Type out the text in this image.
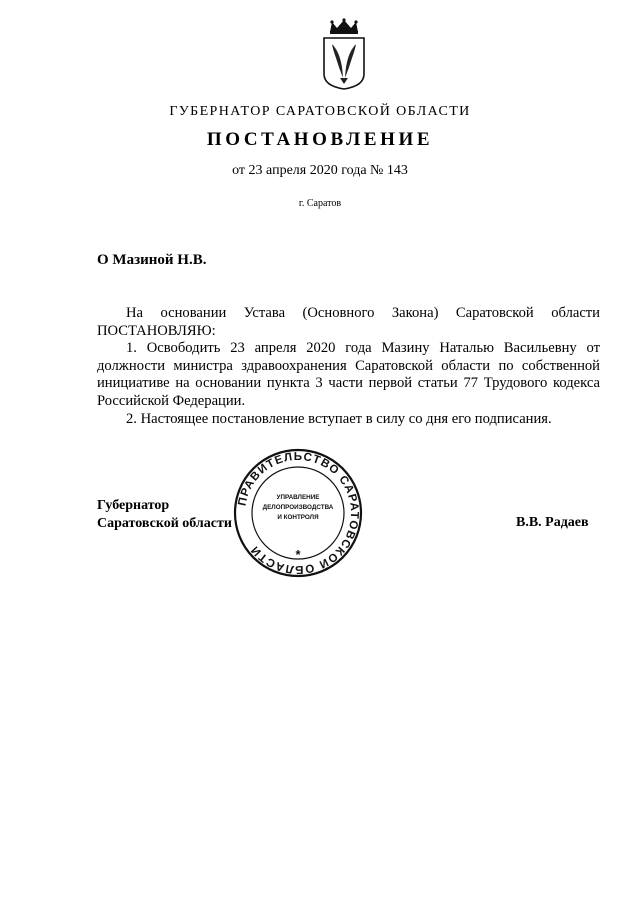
ГУБЕРНАТОР САРАТОВСКОЙ ОБЛАСТИ
ПОСТАНОВЛЕНИЕ
от 23 апреля 2020 года № 143
г. Саратов
О Мазиной Н.В.

На основании Устава (Основного Закона) Саратовской области

ПОСТАНОВЛЯЮ:

1. Освободить 23 апреля 2020 года Мазину Наталью Васильевну от должности министра здравоохранения Саратовской области по собственной инициативе на основании пункта 3 части первой статьи 77 Трудового кодекса Российской Федерации.

2. Настоящее постановление вступает в силу со дня его подписания.

Губернатор
Саратовской области	В.В. Радаев
ПРАВИТЕЛЬСТВО САРАТОВСКОЙ ОБЛАСТИ
УПРАВЛЕНИЕ
ДЕЛОПРОИЗВОДСТВА
И КОНТРОЛЯ
*
